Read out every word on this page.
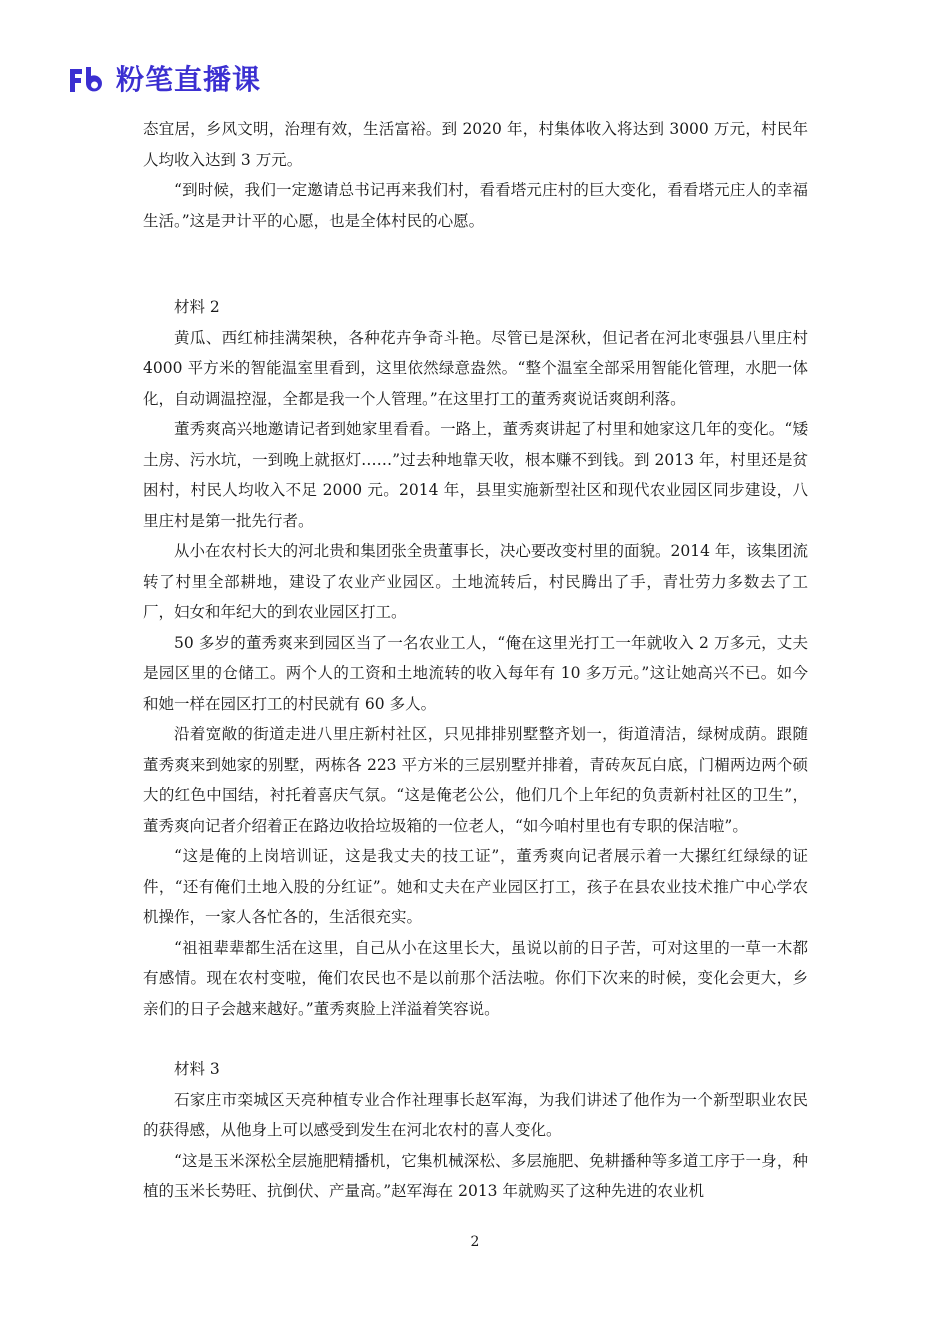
粉笔直播课

态宜居，乡风文明，治理有效，生活富裕。到 2020 年，村集体收入将达到 3000 万元，村民年人均收入达到 3 万元。

“到时候，我们一定邀请总书记再来我们村，看看塔元庄村的巨大变化，看看塔元庄人的幸福生活。”这是尹计平的心愿，也是全体村民的心愿。

材料 2

黄瓜、西红柿挂满架秧，各种花卉争奇斗艳。尽管已是深秋，但记者在河北枣强县八里庄村 4000 平方米的智能温室里看到，这里依然绿意盎然。“整个温室全部采用智能化管理，水肥一体化，自动调温控湿，全都是我一个人管理。”在这里打工的董秀爽说话爽朗利落。

董秀爽高兴地邀请记者到她家里看看。一路上，董秀爽讲起了村里和她家这几年的变化。“矮土房、污水坑，一到晚上就抠灯……”过去种地靠天收，根本赚不到钱。到 2013 年，村里还是贫困村，村民人均收入不足 2000 元。2014 年，县里实施新型社区和现代农业园区同步建设，八里庄村是第一批先行者。

从小在农村长大的河北贵和集团张全贵董事长，决心要改变村里的面貌。2014 年，该集团流转了村里全部耕地，建设了农业产业园区。土地流转后，村民腾出了手，青壮劳力多数去了工厂，妇女和年纪大的到农业园区打工。

50 多岁的董秀爽来到园区当了一名农业工人，“俺在这里光打工一年就收入 2 万多元，丈夫是园区里的仓储工。两个人的工资和土地流转的收入每年有 10 多万元。”这让她高兴不已。如今和她一样在园区打工的村民就有 60 多人。

沿着宽敞的街道走进八里庄新村社区，只见排排别墅整齐划一，街道清洁，绿树成荫。跟随董秀爽来到她家的别墅，两栋各 223 平方米的三层别墅并排着，青砖灰瓦白底，门楣两边两个硕大的红色中国结，衬托着喜庆气氛。“这是俺老公公，他们几个上年纪的负责新村社区的卫生”，董秀爽向记者介绍着正在路边收拾垃圾箱的一位老人，“如今咱村里也有专职的保洁啦”。

“这是俺的上岗培训证，这是我丈夫的技工证”，董秀爽向记者展示着一大摞红红绿绿的证件，“还有俺们土地入股的分红证”。她和丈夫在产业园区打工，孩子在县农业技术推广中心学农机操作，一家人各忙各的，生活很充实。

“祖祖辈辈都生活在这里，自己从小在这里长大，虽说以前的日子苦，可对这里的一草一木都有感情。现在农村变啦，俺们农民也不是以前那个活法啦。你们下次来的时候，变化会更大，乡亲们的日子会越来越好。”董秀爽脸上洋溢着笑容说。

材料 3

石家庄市栾城区天亮种植专业合作社理事长赵军海，为我们讲述了他作为一个新型职业农民的获得感，从他身上可以感受到发生在河北农村的喜人变化。

“这是玉米深松全层施肥精播机，它集机械深松、多层施肥、免耕播种等多道工序于一身，种植的玉米长势旺、抗倒伏、产量高。”赵军海在 2013 年就购买了这种先进的农业机

2
